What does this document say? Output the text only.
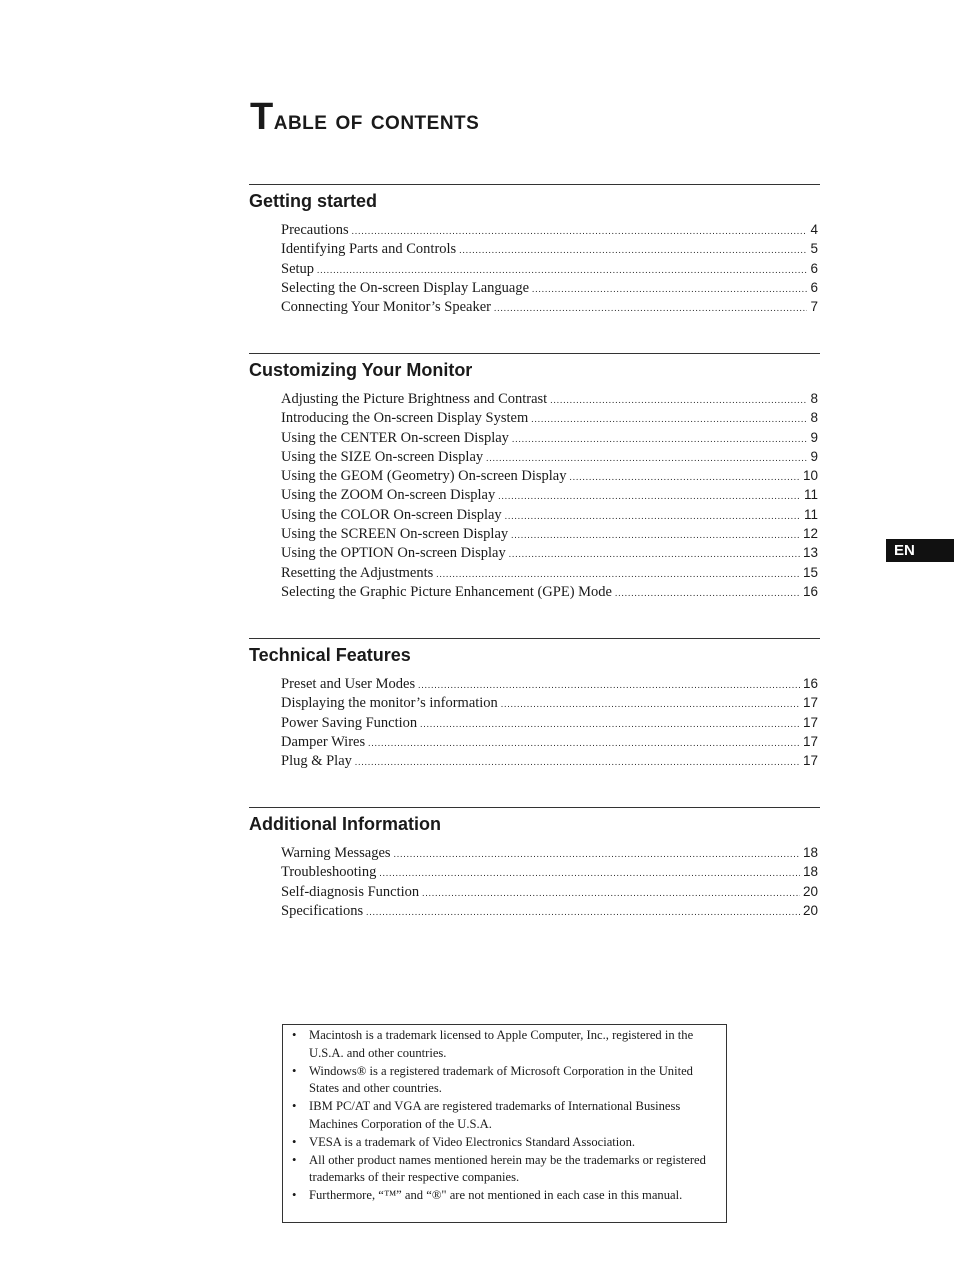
Table of contents
EN
Getting started
Precautions .....	4
Identifying Parts and Controls .....	5
Setup .....	6
Selecting the On-screen Display Language .....	6
Connecting Your Monitor’s Speaker .....	7
Customizing Your Monitor
Adjusting the Picture Brightness and Contrast .....	8
Introducing the On-screen Display System .....	8
Using the CENTER On-screen Display .....	9
Using the SIZE On-screen Display .....	9
Using the GEOM (Geometry) On-screen Display .....	10
Using the ZOOM On-screen Display .....	11
Using the COLOR On-screen Display .....	11
Using the SCREEN On-screen Display .....	12
Using the OPTION On-screen Display .....	13
Resetting the Adjustments .....	15
Selecting the Graphic Picture Enhancement (GPE) Mode .....	16
Technical Features
Preset and User Modes .....	16
Displaying the monitor’s information .....	17
Power Saving Function .....	17
Damper Wires .....	17
Plug & Play .....	17
Additional Information
Warning Messages .....	18
Troubleshooting .....	18
Self-diagnosis Function .....	20
Specifications .....	20
• Macintosh is a trademark licensed to Apple Computer, Inc., registered in the U.S.A. and other countries.
• Windows® is a registered trademark of Microsoft Corporation in the United States and other countries.
• IBM PC/AT and VGA are registered trademarks of International Business Machines Corporation of the U.S.A.
• VESA is a trademark of Video Electronics Standard Association.
• All other product names mentioned herein may be the trademarks or registered trademarks of their respective companies.
• Furthermore, “™” and “®" are not mentioned in each case in this manual.
